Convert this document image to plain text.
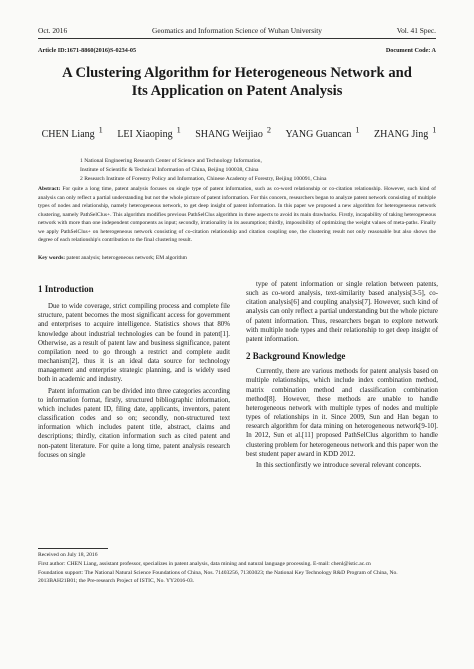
Oct. 2016	Geomatics and Information Science of Wuhan University	Vol. 41 Spec.
Article ID:1671-8860(2016)S-0234-05	Document Code: A
A Clustering Algorithm for Heterogeneous Network and
Its Application on Patent Analysis
CHEN Liang $^1$ LEI Xiaoping $^1$ SHANG Weijiao $^2$ YANG Guancan $^1$ ZHANG Jing $^1$
1 National Engineering Research Center of Science and Technology Information,
Institute of Scientific & Technical Information of China, Beijing 100038, China
2 Research Institute of Forestry Policy and Information, Chinese Academy of Forestry, Beijing 100091, China
Abstract: For quite a long time, patent analysis focuses on single type of patent information, such as co-word relationship or co-citation relationship. However, such kind of analysis can only reflect a partial understanding but not the whole picture of patent information. For this concern, researchers began to analyze patent network consisting of multiple types of nodes and relationship, namely heterogeneous network, to get deep insight of patent information. In this paper we proposed a new algorithm for heterogeneous network clustering, namely PathSelClus+. This algorithm modifies previous PathSelClus algorithm in three aspects to avoid its main drawbacks. Firstly, incapability of taking heterogeneous network with more than one independent components as input; secondly, irrationality in its assumption; thirdly, impossibility of optimizing the weight values of meta-paths. Finally we apply PathSelClus+ on heterogeneous network consisting of co-citation relationship and citation coupling one, the clustering result not only reasonable but also shows the degree of each relationship's contribution to the final clustering result.
Key words: patent analysis; heterogeneous network; EM algorithm

1 Introduction

Due to wide coverage, strict compiling process and complete file structure, patent becomes the most significant access for government and enterprises to acquire intelligence. Statistics shows that 80% knowledge about industrial technologies can be found in patent[1]. Otherwise, as a result of patent law and business significance, patent compilation need to go through a restrict and complete audit mechanism[2], thus it is an ideal data source for technology management and enterprise strategic planning, and is widely used both in academic and industry.

Patent information can be divided into three categories according to information format, firstly, structured bibliographic information, which includes patent ID, filing date, applicants, inventors, patent classification codes and so on; secondly, non-structured text information which includes patent title, abstract, claims and descriptions; thirdly, citation information such as cited patent and non-patent literature. For quite a long time, patent analysis research focuses on single

type of patent information or single relation between patents, such as co-word analysis, text-similarity based analysis[3-5], co-citation analysis[6] and coupling analysis[7]. However, such kind of analysis can only reflect a partial understanding but the whole picture of patent information. Thus, researchers began to explore network with multiple node types and their relationship to get deep insight of patent information.

2 Background Knowledge

Currently, there are various methods for patent analysis based on multiple relationships, which include index combination method, matrix combination method and classification combination method[8]. However, these methods are unable to handle heterogeneous network with multiple types of nodes and multiple types of relationships in it. Since 2009, Sun and Han began to research algorithm for data mining on heterogeneous network[9-10]. In 2012, Sun et al.[11] proposed PathSelClus algorithm to handle clustering problem for heterogeneous network and this paper won the best student paper award in KDD 2012.

In this sectionfirstly we introduce several relevant concepts.

Received on July 18, 2016
First author: CHEN Liang, assistant professor, specializes in patent analysis, data mining and natural language processing. E-mail: chenl@istic.ac.cn
Foundation support: The National Natural Science Foundations of China, Nos. 71403256, 71303023; the National Key Technology R&D Program of China, No. 2013BAH21B01; the Pre-research Project of ISTIC, No. YY2016-03.
